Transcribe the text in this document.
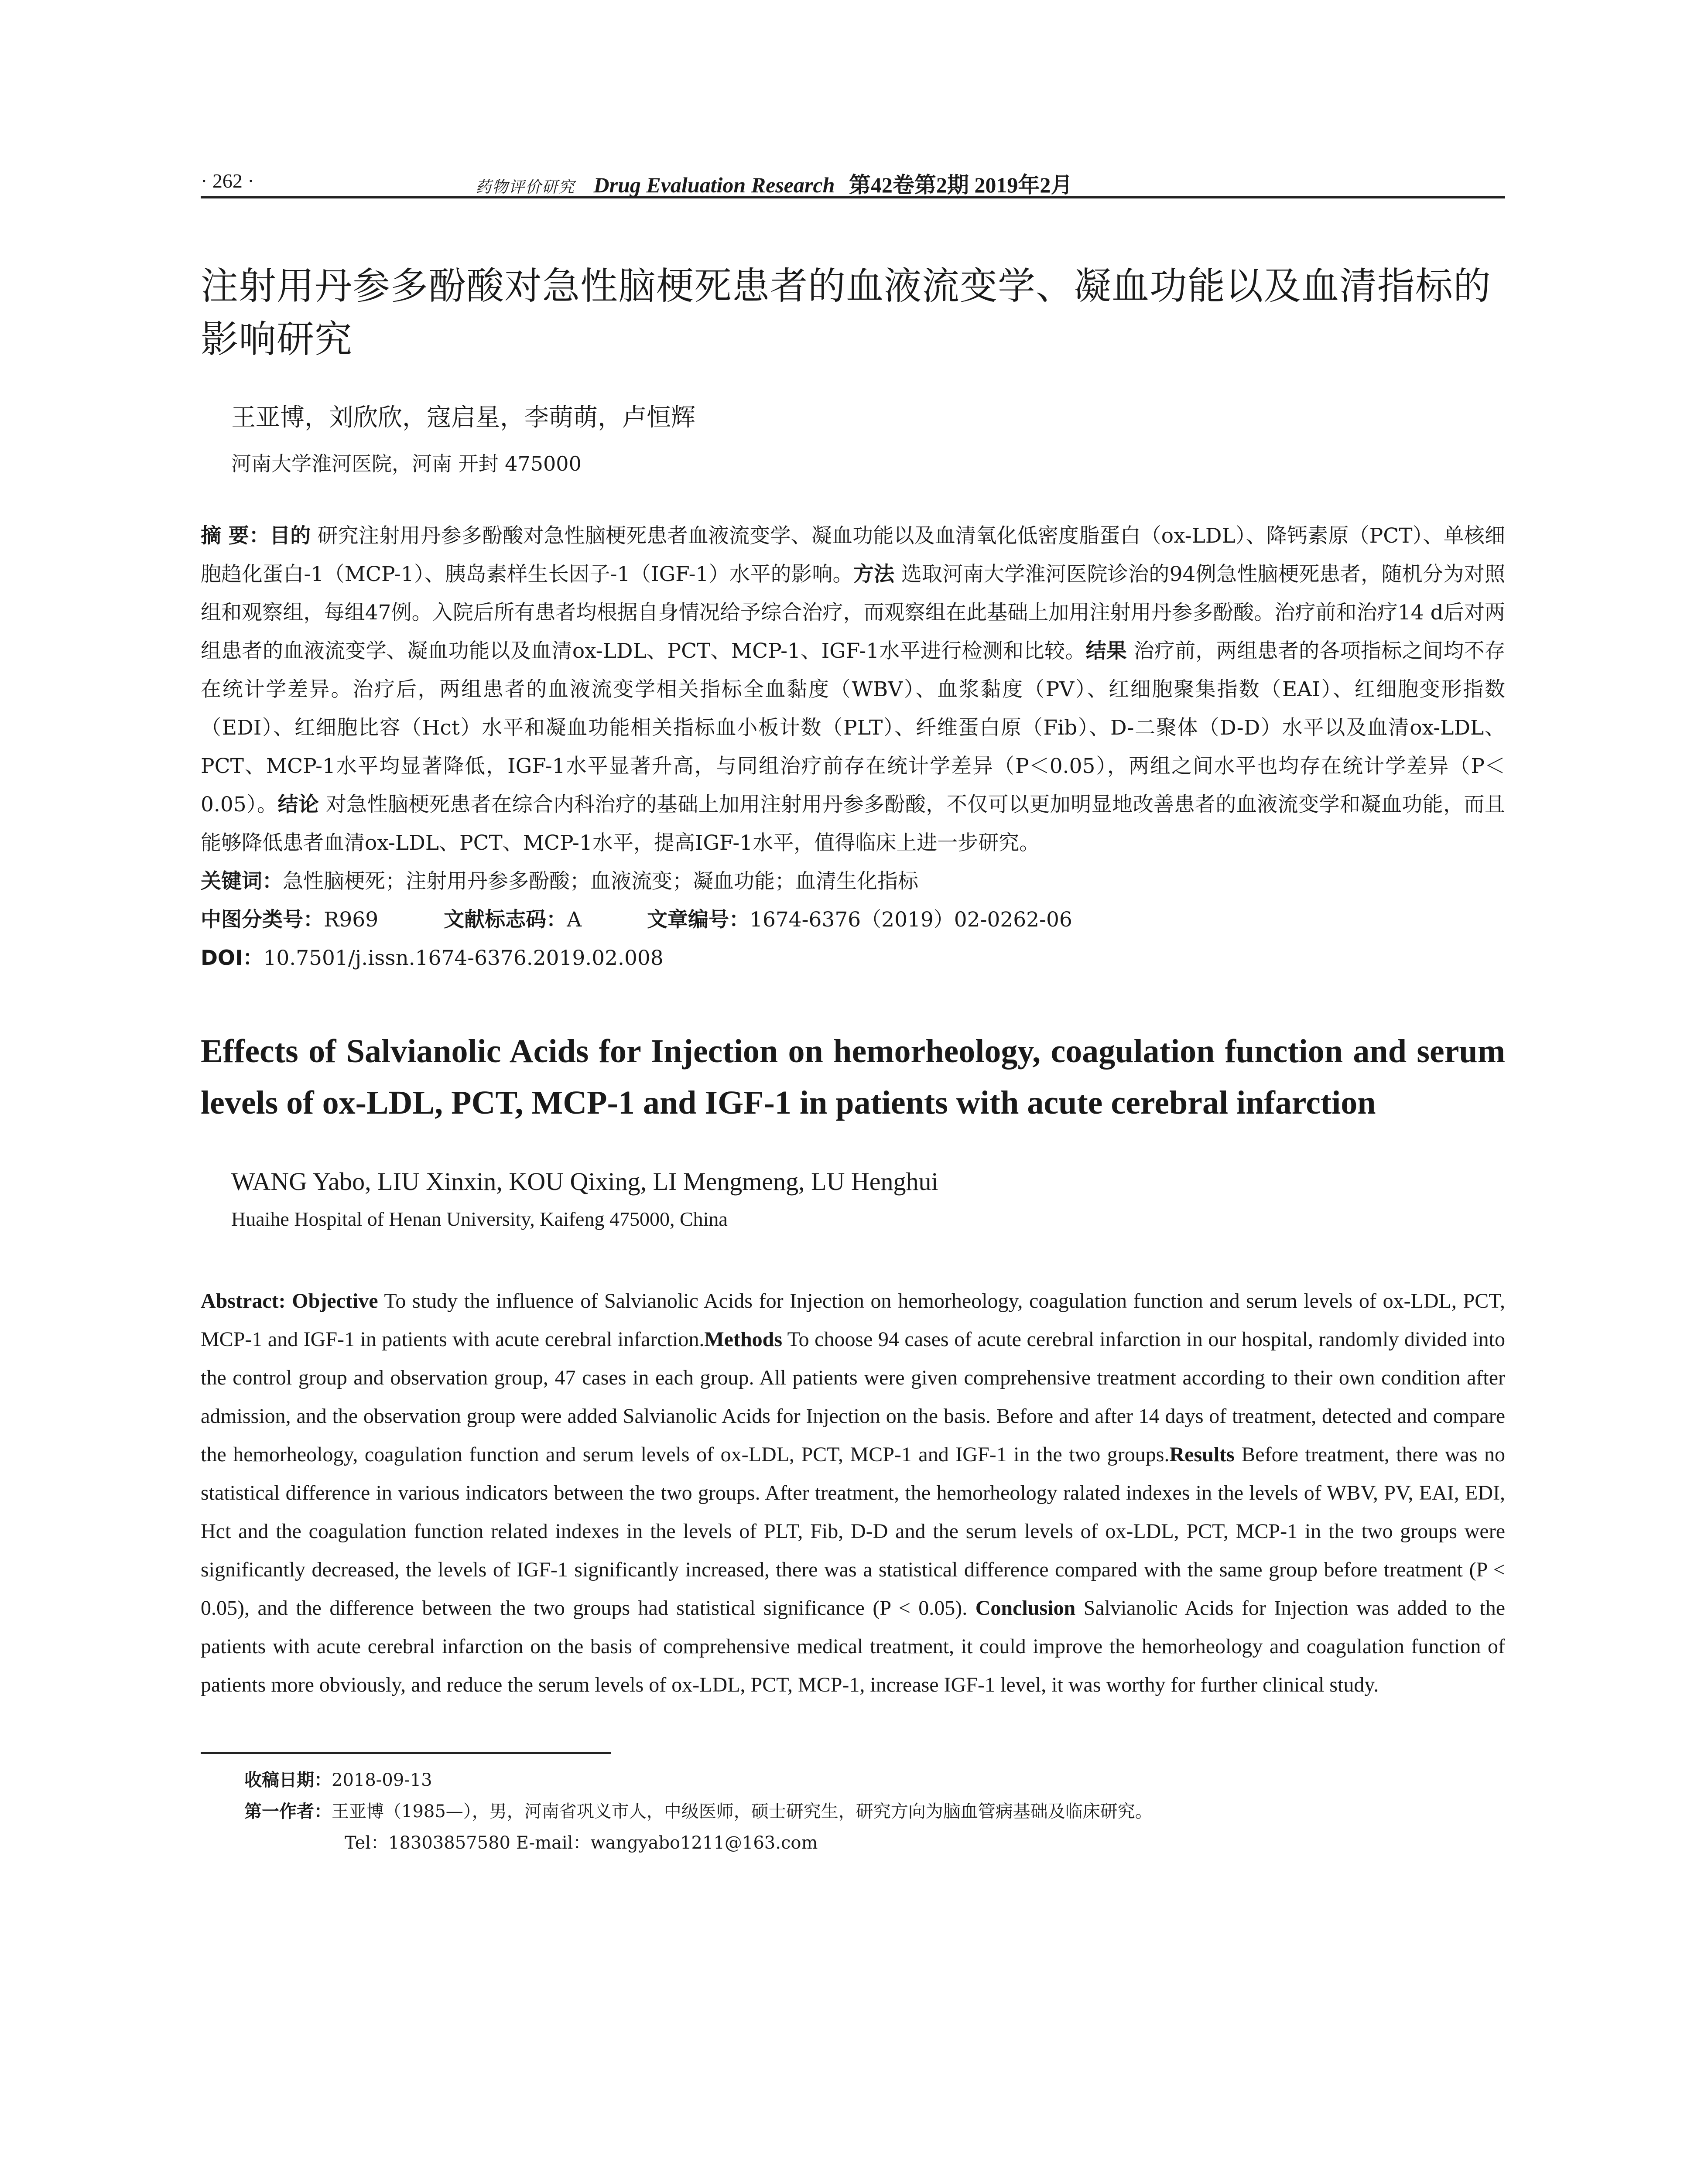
· 262 ·	药物评价研究 Drug Evaluation Research 第42卷第2期 2019年2月
注射用丹参多酚酸对急性脑梗死患者的血液流变学、凝血功能以及血清指标的影响研究
王亚博，刘欣欣，寇启星，李萌萌，卢恒辉
河南大学淮河医院，河南 开封 475000
摘 要：目的 研究注射用丹参多酚酸对急性脑梗死患者血液流变学、凝血功能以及血清氧化低密度脂蛋白（ox-LDL）、降钙素原（PCT）、单核细胞趋化蛋白-1（MCP-1）、胰岛素样生长因子-1（IGF-1）水平的影响。方法 选取河南大学淮河医院诊治的94例急性脑梗死患者，随机分为对照组和观察组，每组47例。入院后所有患者均根据自身情况给予综合治疗，而观察组在此基础上加用注射用丹参多酚酸。治疗前和治疗14 d后对两组患者的血液流变学、凝血功能以及血清ox-LDL、PCT、MCP-1、IGF-1水平进行检测和比较。结果 治疗前，两组患者的各项指标之间均不存在统计学差异。治疗后，两组患者的血液流变学相关指标全血黏度（WBV）、血浆黏度（PV）、红细胞聚集指数（EAI）、红细胞变形指数（EDI）、红细胞比容（Hct）水平和凝血功能相关指标血小板计数（PLT）、纤维蛋白原（Fib）、D-二聚体（D-D）水平以及血清ox-LDL、PCT、MCP-1水平均显著降低，IGF-1水平显著升高，与同组治疗前存在统计学差异（P＜0.05），两组之间水平也均存在统计学差异（P＜0.05）。结论 对急性脑梗死患者在综合内科治疗的基础上加用注射用丹参多酚酸，不仅可以更加明显地改善患者的血液流变学和凝血功能，而且能够降低患者血清ox-LDL、PCT、MCP-1水平，提高IGF-1水平，值得临床上进一步研究。
关键词：急性脑梗死；注射用丹参多酚酸；血液流变；凝血功能；血清生化指标
中图分类号：R969	文献标志码：A	文章编号：1674-6376（2019）02-0262-06
DOI：10.7501/j.issn.1674-6376.2019.02.008
Effects of Salvianolic Acids for Injection on hemorheology, coagulation function and serum levels of ox-LDL, PCT, MCP-1 and IGF-1 in patients with acute cerebral infarction
WANG Yabo, LIU Xinxin, KOU Qixing, LI Mengmeng, LU Henghui
Huaihe Hospital of Henan University, Kaifeng 475000, China
Abstract: Objective To study the influence of Salvianolic Acids for Injection on hemorheology, coagulation function and serum levels of ox-LDL, PCT, MCP-1 and IGF-1 in patients with acute cerebral infarction.Methods To choose 94 cases of acute cerebral infarction in our hospital, randomly divided into the control group and observation group, 47 cases in each group. All patients were given comprehensive treatment according to their own condition after admission, and the observation group were added Salvianolic Acids for Injection on the basis. Before and after 14 days of treatment, detected and compare the hemorheology, coagulation function and serum levels of ox-LDL, PCT, MCP-1 and IGF-1 in the two groups.Results Before treatment, there was no statistical difference in various indicators between the two groups. After treatment, the hemorheology ralated indexes in the levels of WBV, PV, EAI, EDI, Hct and the coagulation function related indexes in the levels of PLT, Fib, D-D and the serum levels of ox-LDL, PCT, MCP-1 in the two groups were significantly decreased, the levels of IGF-1 significantly increased, there was a statistical difference compared with the same group before treatment (P < 0.05), and the difference between the two groups had statistical significance (P < 0.05). Conclusion Salvianolic Acids for Injection was added to the patients with acute cerebral infarction on the basis of comprehensive medical treatment, it could improve the hemorheology and coagulation function of patients more obviously, and reduce the serum levels of ox-LDL, PCT, MCP-1, increase IGF-1 level, it was worthy for further clinical study.
收稿日期：2018-09-13
第一作者：王亚博（1985—），男，河南省巩义市人，中级医师，硕士研究生，研究方向为脑血管病基础及临床研究。
Tel：18303857580 E-mail：wangyabo1211@163.com
